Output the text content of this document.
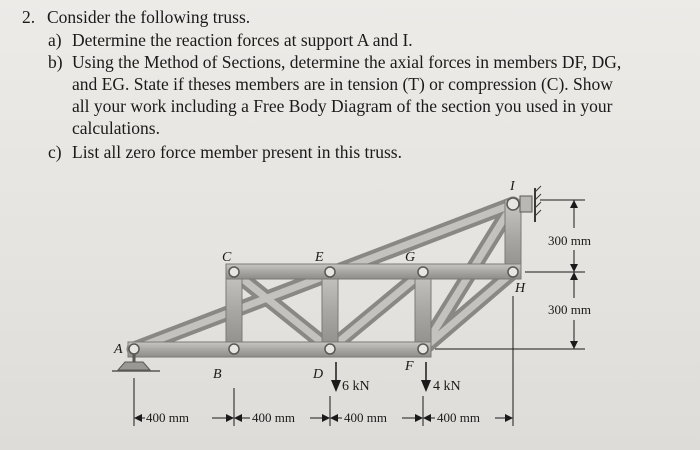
2. Consider the following truss.
a) Determine the reaction forces at support A and I.
b) Using the Method of Sections, determine the axial forces in members DF, DG,
and EG. State if theses members are in tension (T) or compression (C). Show
all your work including a Free Body Diagram of the section you used in your
calculations.
c) List all zero force member present in this truss.
A
B
C
D
E
F
G
H
I
6 kN	4 kN
300 mm
300 mm
400 mm	400 mm	400 mm	400 mm
